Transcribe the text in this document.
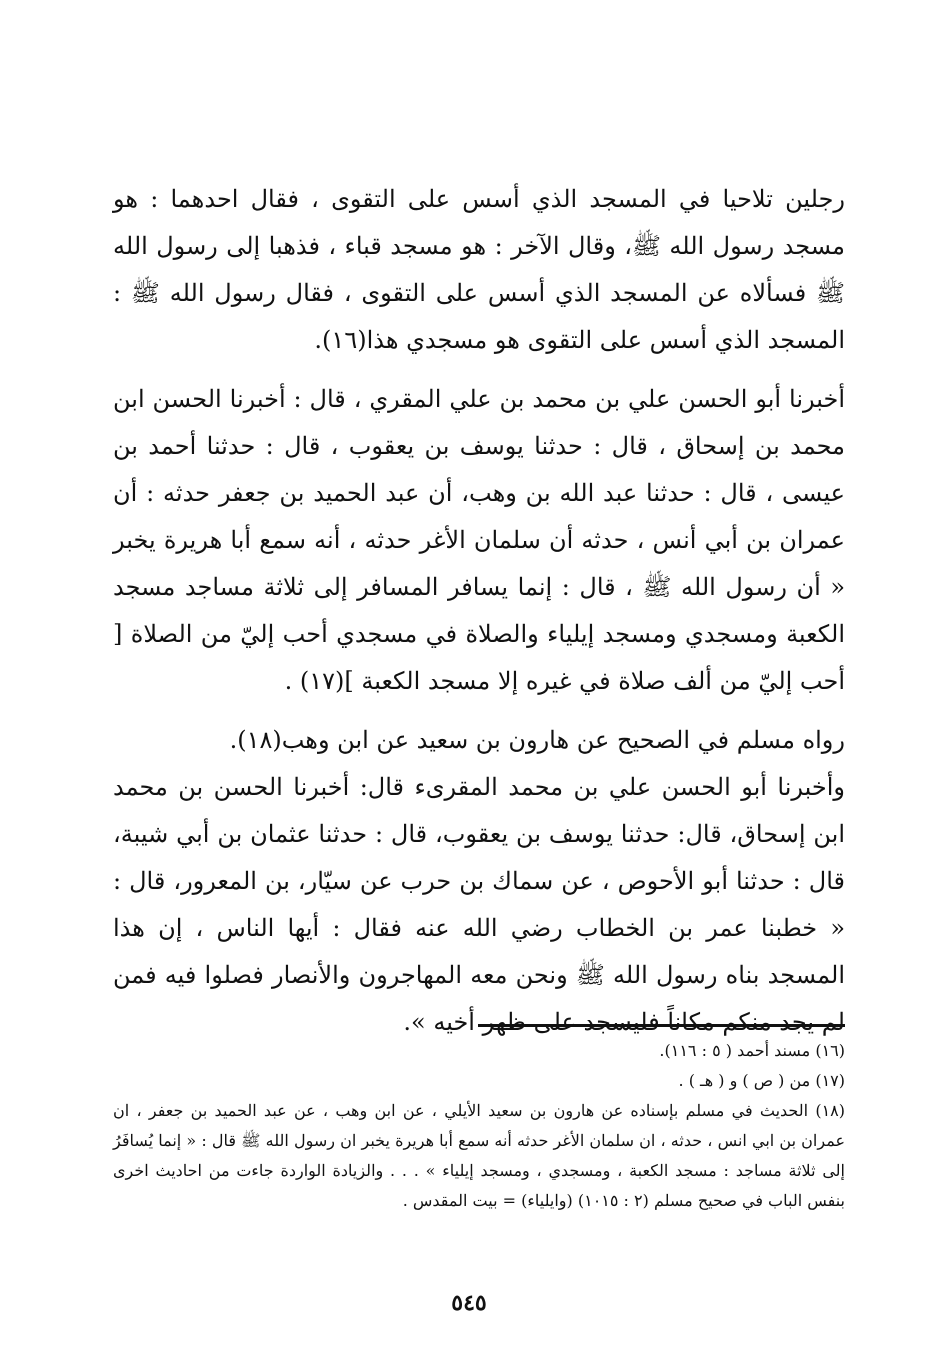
رجلين تلاحيا في المسجد الذي أسس على التقوى ، فقال احدهما : هو مسجد رسول الله ﷺ، وقال الآخر : هو مسجد قباء ، فذهبا إلى رسول الله ﷺ فسألاه عن المسجد الذي أسس على التقوى ، فقال رسول الله ﷺ : المسجد الذي أسس على التقوى هو مسجدي هذا(١٦).

أخبرنا أبو الحسن علي بن محمد بن علي المقري ، قال : أخبرنا الحسن ابن محمد بن إسحاق ، قال : حدثنا يوسف بن يعقوب ، قال : حدثنا أحمد بن عيسى ، قال : حدثنا عبد الله بن وهب، أن عبد الحميد بن جعفر حدثه : أن عمران بن أبي أنس ، حدثه أن سلمان الأغر حدثه ، أنه سمع أبا هريرة يخبر « أن رسول الله ﷺ ، قال : إنما يسافر المسافر إلى ثلاثة مساجد مسجد الكعبة ومسجدي ومسجد إيلياء والصلاة في مسجدي أحب إليّ من الصلاة [ أحب إليّ من ألف صلاة في غيره إلا مسجد الكعبة ](١٧) .

رواه مسلم في الصحيح عن هارون بن سعيد عن ابن وهب(١٨).

وأخبرنا أبو الحسن علي بن محمد المقرىء قال: أخبرنا الحسن بن محمد ابن إسحاق، قال: حدثنا يوسف بن يعقوب، قال : حدثنا عثمان بن أبي شيبة، قال : حدثنا أبو الأحوص ، عن سماك بن حرب عن سيّار، بن المعرور، قال : « خطبنا عمر بن الخطاب رضي الله عنه فقال : أيها الناس ، إن هذا المسجد بناه رسول الله ﷺ ونحن معه المهاجرون والأنصار فصلوا فيه فمن لم يجد منكم مكاناً فليسجد على ظهر أخيه ».

(١٦) مسند أحمد ( ٥ : ١١٦).

(١٧) من ( ص ) و ( هـ ) .

(١٨) الحديث في مسلم بإسناده عن هارون بن سعيد الأيلي ، عن ابن وهب ، عن عبد الحميد بن جعفر ، ان عمران بن ابي انس ، حدثه ، ان سلمان الأغر حدثه أنه سمع أبا هريرة يخبر ان رسول الله ﷺ قال : « إنما يُسافَرُ إلى ثلاثة مساجد : مسجد الكعبة ، ومسجدي ، ومسجد إيلياء » . . . والزيادة الواردة جاءت من احاديث اخرى بنفس الباب في صحيح مسلم (٢ : ١٠١٥) (وايلياء) = بيت المقدس .

٥٤٥
